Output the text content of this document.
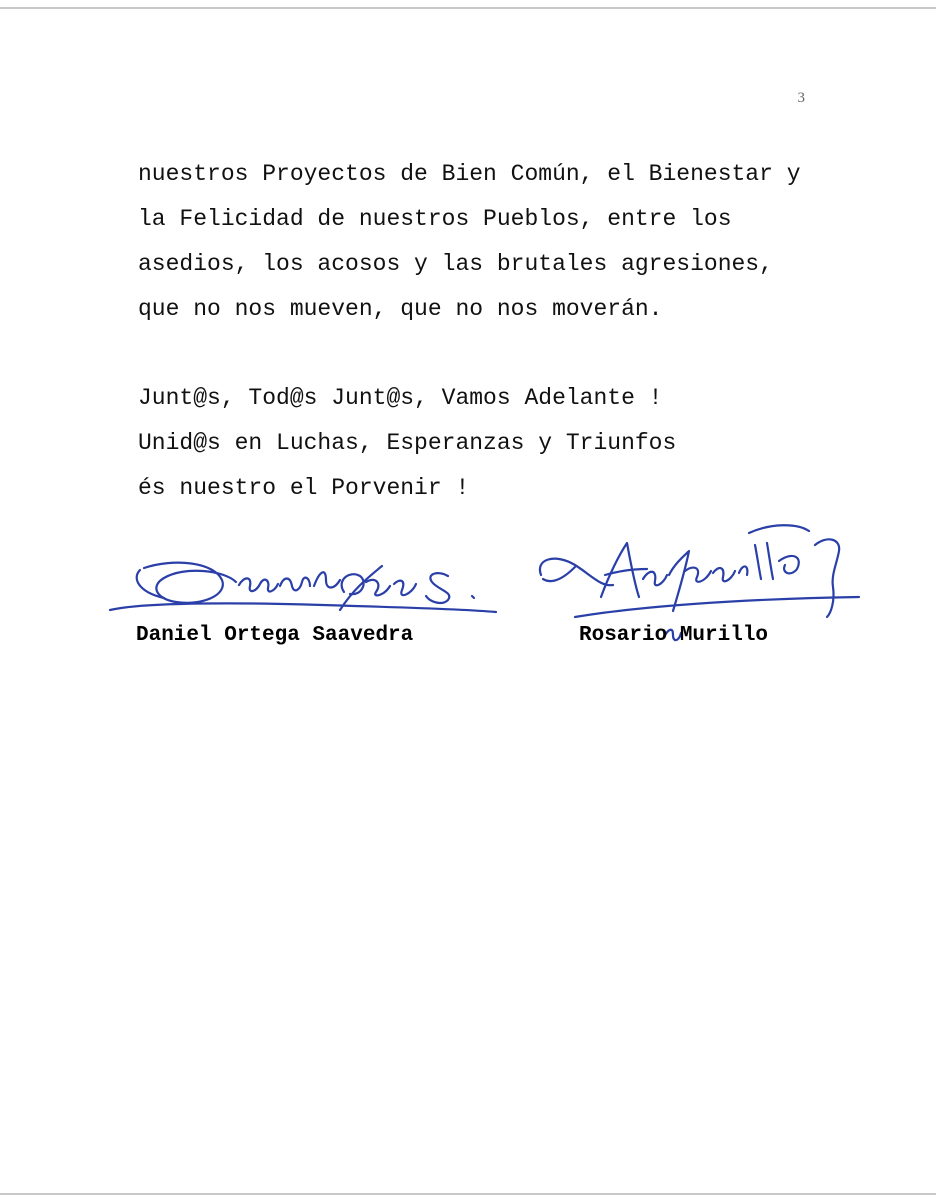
3
nuestros Proyectos de Bien Común, el Bienestar y
la Felicidad de nuestros Pueblos, entre los
asedios, los acosos y las brutales agresiones,
que no nos mueven, que no nos moverán.
Junt@s, Tod@s Junt@s, Vamos Adelante !
Unid@s en Luchas, Esperanzas y Triunfos
és nuestro el Porvenir !
Daniel Ortega Saavedra	Rosario Murillo
